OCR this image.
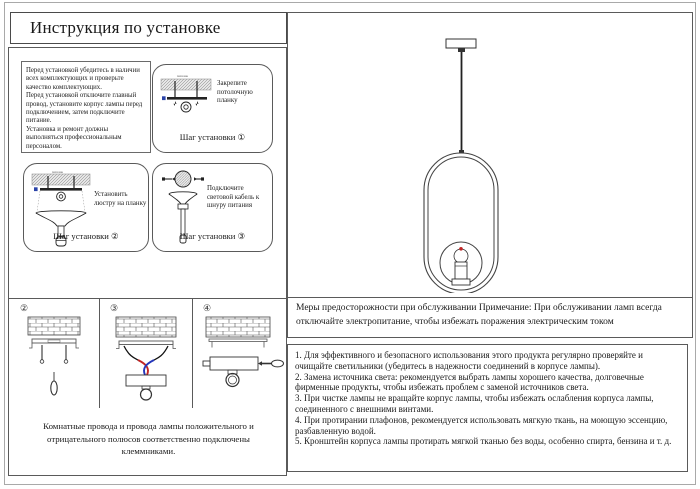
Инструкция по установке

Перед установкой убедитесь в наличии всех комплектующих и проверьте качество комплектующих.

Перед установкой отключите главный провод, установите корпус лампы перед подключением, затем подключите питание.

Установка и ремонт должны выполняться профессиональным персоналом.

потолок
Закрепите потолочную планку
Шаг установки ①
потолок
Установить люстру на планку
Шаг установки ②
Подключите световой кабель к шнуру питания
Шаг установки ③
②	③	④
Комнатные провода и провода лампы положительного и отрицательного полюсов соответственно подключены клеммниками.

Меры предосторожности при обслуживании Примечание: При обслуживании ламп всегда отключайте электропитание, чтобы избежать поражения электрическим током

1. Для эффективного и безопасного использования этого продукта регулярно проверяйте и очищайте светильники (убедитесь в надежности соединений в корпусе лампы).

2. Замена источника света: рекомендуется выбрать лампы хорошего качества, долговечные фирменные продукты, чтобы избежать проблем с заменой источников света.

3. При чистке лампы не вращайте корпус лампы, чтобы избежать ослабления корпуса лампы, соединенного с внешними винтами.

4. При протирании плафонов, рекомендуется использовать мягкую ткань, на моющую эссенцию, разбавленную водой.

5. Кронштейн корпуса лампы протирать мягкой тканью без воды, особенно спирта, бензина и т. д.
